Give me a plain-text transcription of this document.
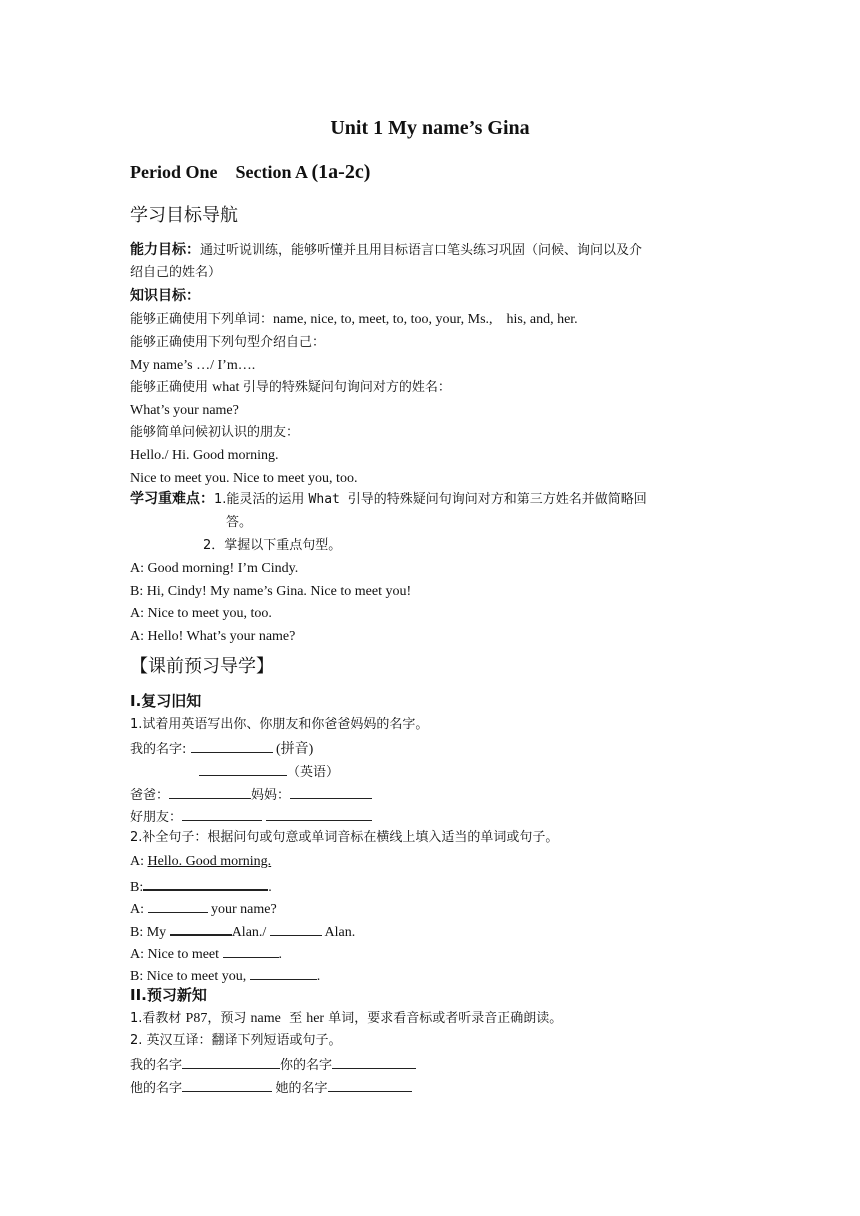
Unit 1 My name’s Gina
Period One    Section A (1a-2c)
学习目标导航
能力目标：通过听说训练，能够听懂并且用目标语言口笔头练习巩固（问候、询问以及介
绍自己的姓名）
知识目标：
能够正确使用下列单词：name, nice, to, meet, to, too, your, Ms.,    his, and, her.
能够正确使用下列句型介绍自己：
My name’s …/ I’m….
能够正确使用 what 引导的特殊疑问句询问对方的姓名：
What’s your name?
能够简单问候初认识的朋友：
Hello./ Hi. Good morning.
Nice to meet you. Nice to meet you, too.
学习重难点：1.能灵活的运用 What 引导的特殊疑问句询问对方和第三方姓名并做简略回
答。
2．掌握以下重点句型。
A: Good morning! I’m Cindy.
B: Hi, Cindy! My name’s Gina. Nice to meet you!
A: Nice to meet you, too.
A: Hello! What’s your name?
【课前预习导学】
I.复习旧知
1.试着用英语写出你、你朋友和你爸爸妈妈的名字。
我的名字:	(拼音)
（英语）
爸爸：	妈妈：
好朋友：
2.补全句子：根据问句或句意或单词音标在横线上填入适当的单词或句子。
A: Hello. Good morning.
B:	.
A:	your name?
B: My	Alan./	Alan.
A: Nice to meet	.
B: Nice to meet you,	.
II.预习新知
1.看教材 P87，预习 name  至 her 单词，要求看音标或者听录音正确朗读。
2. 英汉互译：翻译下列短语或句子。
我的名字	你的名字
他的名字	她的名字
